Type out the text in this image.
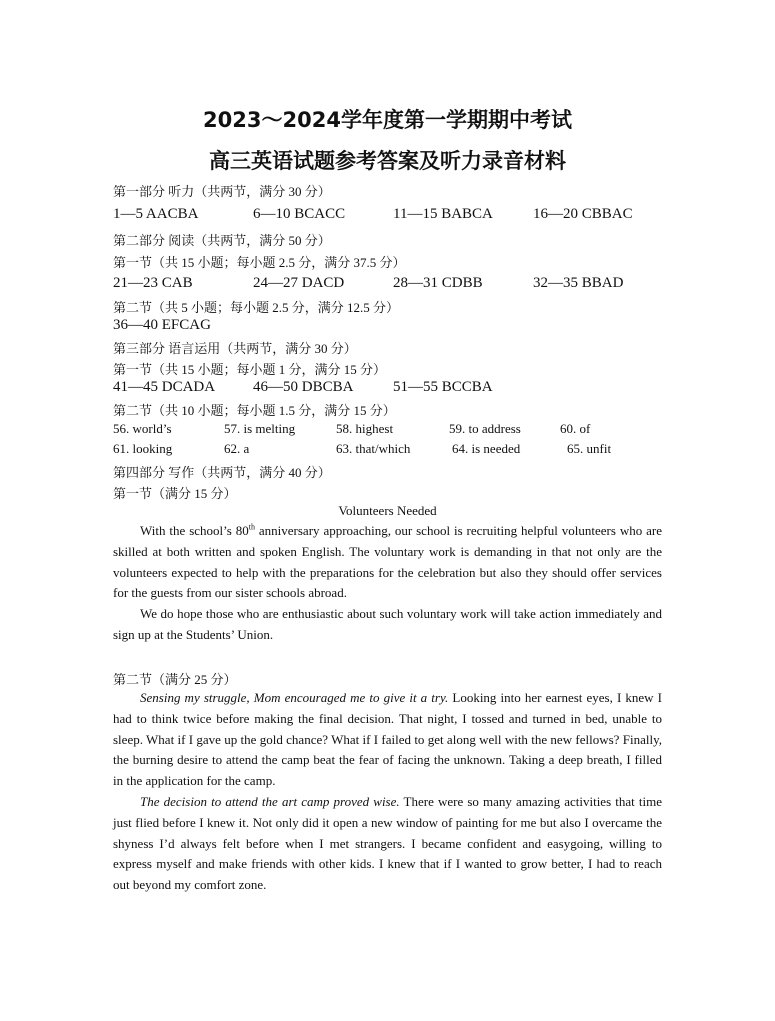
2023～2024学年度第一学期期中考试
高三英语试题参考答案及听力录音材料
第一部分 听力（共两节，满分 30 分）
1—5 AACBA	6—10 BCACC	11—15 BABCA	16—20 CBBAC
第二部分 阅读（共两节，满分 50 分）
第一节（共 15 小题；每小题 2.5 分，满分 37.5 分）
21—23 CAB	24—27 DACD	28—31 CDBB	32—35 BBAD
第二节（共 5 小题；每小题 2.5 分，满分 12.5 分）
36—40 EFCAG
第三部分 语言运用（共两节，满分 30 分）
第一节（共 15 小题；每小题 1 分，满分 15 分）
41—45 DCADA	46—50 DBCBA	51—55 BCCBA
第二节（共 10 小题；每小题 1.5 分，满分 15 分）
56. world’s	57. is melting	58. highest	59. to address	60. of
61. looking	62. a	63. that/which	64. is needed	65. unfit
第四部分 写作（共两节，满分 40 分）
第一节（满分 15 分）
Volunteers Needed

With the school’s 80th anniversary approaching, our school is recruiting helpful volunteers who are skilled at both written and spoken English. The voluntary work is demanding in that not only are the volunteers expected to help with the preparations for the celebration but also they should offer services for the guests from our sister schools abroad.

We do hope those who are enthusiastic about such voluntary work will take action immediately and sign up at the Students’ Union.

第二节（满分 25 分）

Sensing my struggle, Mom encouraged me to give it a try. Looking into her earnest eyes, I knew I had to think twice before making the final decision. That night, I tossed and turned in bed, unable to sleep. What if I gave up the gold chance? What if I failed to get along well with the new fellows? Finally, the burning desire to attend the camp beat the fear of facing the unknown. Taking a deep breath, I filled in the application for the camp.

The decision to attend the art camp proved wise. There were so many amazing activities that time just flied before I knew it. Not only did it open a new window of painting for me but also I overcame the shyness I’d always felt before when I met strangers. I became confident and easygoing, willing to express myself and make friends with other kids. I knew that if I wanted to grow better, I had to reach out beyond my comfort zone.
